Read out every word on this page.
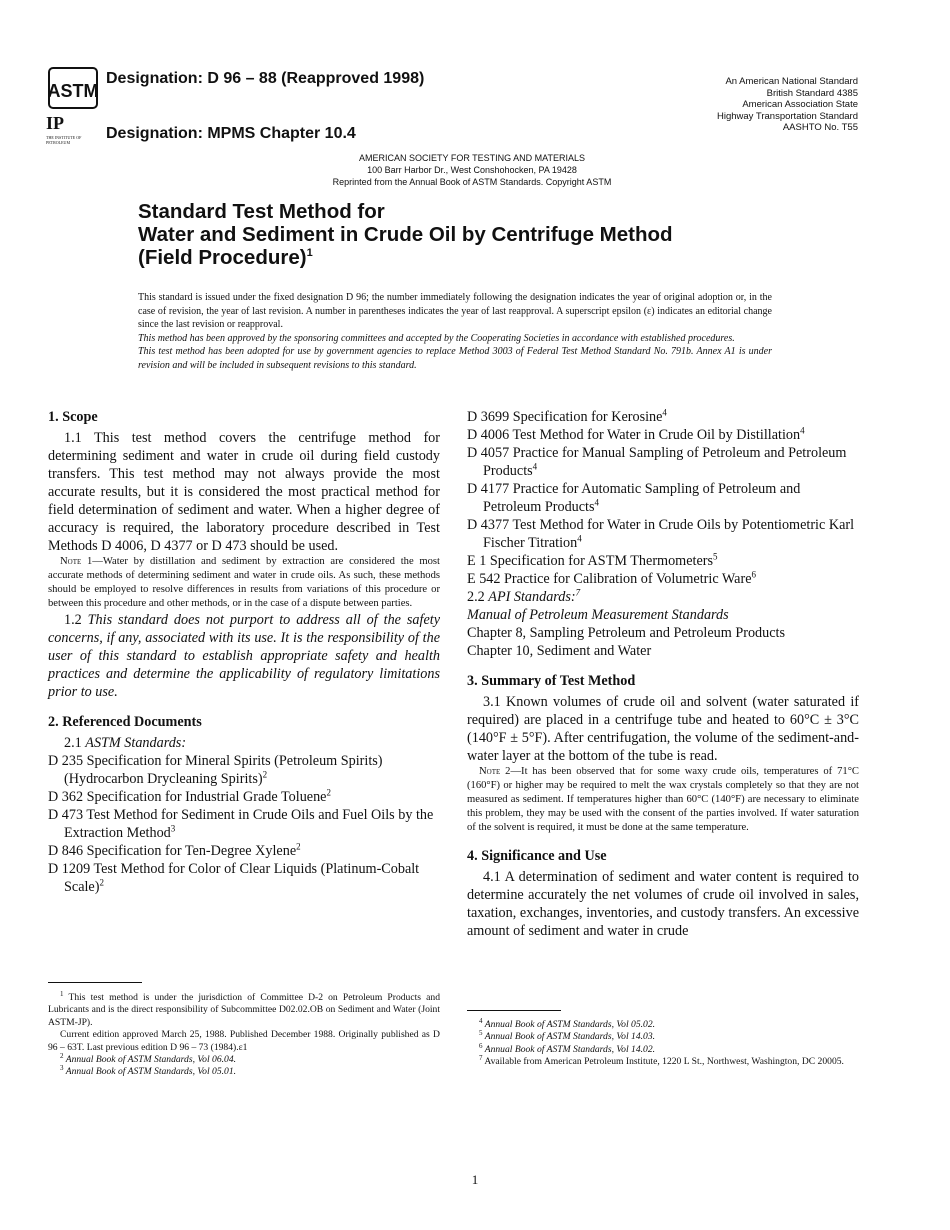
ASTM
IP
THE INSTITUTE OF PETROLEUM
Designation: D 96 – 88 (Reapproved 1998)
Designation: MPMS Chapter 10.4
An American National Standard
British Standard 4385
American Association State
Highway Transportation Standard
AASHTO No. T55
AMERICAN SOCIETY FOR TESTING AND MATERIALS
100 Barr Harbor Dr., West Conshohocken, PA 19428
Reprinted from the Annual Book of ASTM Standards. Copyright ASTM
Standard Test Method for
Water and Sediment in Crude Oil by Centrifuge Method
(Field Procedure)$^1$

This standard is issued under the fixed designation D 96; the number immediately following the designation indicates the year of original adoption or, in the case of revision, the year of last revision. A number in parentheses indicates the year of last reapproval. A superscript epsilon (ε) indicates an editorial change since the last revision or reapproval.

This method has been approved by the sponsoring committees and accepted by the Cooperating Societies in accordance with established procedures.

This test method has been adopted for use by government agencies to replace Method 3003 of Federal Test Method Standard No. 791b. Annex A1 is under revision and will be included in subsequent revisions to this standard.

1. Scope

1.1 This test method covers the centrifuge method for determining sediment and water in crude oil during field custody transfers. This test method may not always provide the most accurate results, but it is considered the most practical method for field determination of sediment and water. When a higher degree of accuracy is required, the laboratory procedure described in Test Methods D 4006, D 4377 or D 473 should be used.

Note 1—Water by distillation and sediment by extraction are considered the most accurate methods of determining sediment and water in crude oils. As such, these methods should be employed to resolve differences in results from variations of this procedure or between this procedure and other methods, or in the case of a dispute between parties.

1.2 This standard does not purport to address all of the safety concerns, if any, associated with its use. It is the responsibility of the user of this standard to establish appropriate safety and health practices and determine the applicability of regulatory limitations prior to use.

2. Referenced Documents

2.1 ASTM Standards:

D 235 Specification for Mineral Spirits (Petroleum Spirits) (Hydrocarbon Drycleaning Spirits)$^2$

D 362 Specification for Industrial Grade Toluene$^2$

D 473 Test Method for Sediment in Crude Oils and Fuel Oils by the Extraction Method$^3$

D 846 Specification for Ten-Degree Xylene$^2$

D 1209 Test Method for Color of Clear Liquids (Platinum-Cobalt Scale)$^2$

$^1$ This test method is under the jurisdiction of Committee D-2 on Petroleum Products and Lubricants and is the direct responsibility of Subcommittee D02.02.OB on Sediment and Water (Joint ASTM-JP).

Current edition approved March 25, 1988. Published December 1988. Originally published as D 96 – 63T. Last previous edition D 96 – 73 (1984).ε1

$^2$ Annual Book of ASTM Standards, Vol 06.04.

$^3$ Annual Book of ASTM Standards, Vol 05.01.

D 3699 Specification for Kerosine$^4$

D 4006 Test Method for Water in Crude Oil by Distillation$^4$

D 4057 Practice for Manual Sampling of Petroleum and Petroleum Products$^4$

D 4177 Practice for Automatic Sampling of Petroleum and Petroleum Products$^4$

D 4377 Test Method for Water in Crude Oils by Potentiometric Karl Fischer Titration$^4$

E 1 Specification for ASTM Thermometers$^5$

E 542 Practice for Calibration of Volumetric Ware$^6$

2.2 API Standards:$^7$

Manual of Petroleum Measurement Standards

Chapter 8, Sampling Petroleum and Petroleum Products

Chapter 10, Sediment and Water

3. Summary of Test Method

3.1 Known volumes of crude oil and solvent (water saturated if required) are placed in a centrifuge tube and heated to 60°C ± 3°C (140°F ± 5°F). After centrifugation, the volume of the sediment-and-water layer at the bottom of the tube is read.

Note 2—It has been observed that for some waxy crude oils, temperatures of 71°C (160°F) or higher may be required to melt the wax crystals completely so that they are not measured as sediment. If temperatures higher than 60°C (140°F) are necessary to eliminate this problem, they may be used with the consent of the parties involved. If water saturation of the solvent is required, it must be done at the same temperature.

4. Significance and Use

4.1 A determination of sediment and water content is required to determine accurately the net volumes of crude oil involved in sales, taxation, exchanges, inventories, and custody transfers. An excessive amount of sediment and water in crude

$^4$ Annual Book of ASTM Standards, Vol 05.02.

$^5$ Annual Book of ASTM Standards, Vol 14.03.

$^6$ Annual Book of ASTM Standards, Vol 14.02.

$^7$ Available from American Petroleum Institute, 1220 L St., Northwest, Washington, DC 20005.

1
